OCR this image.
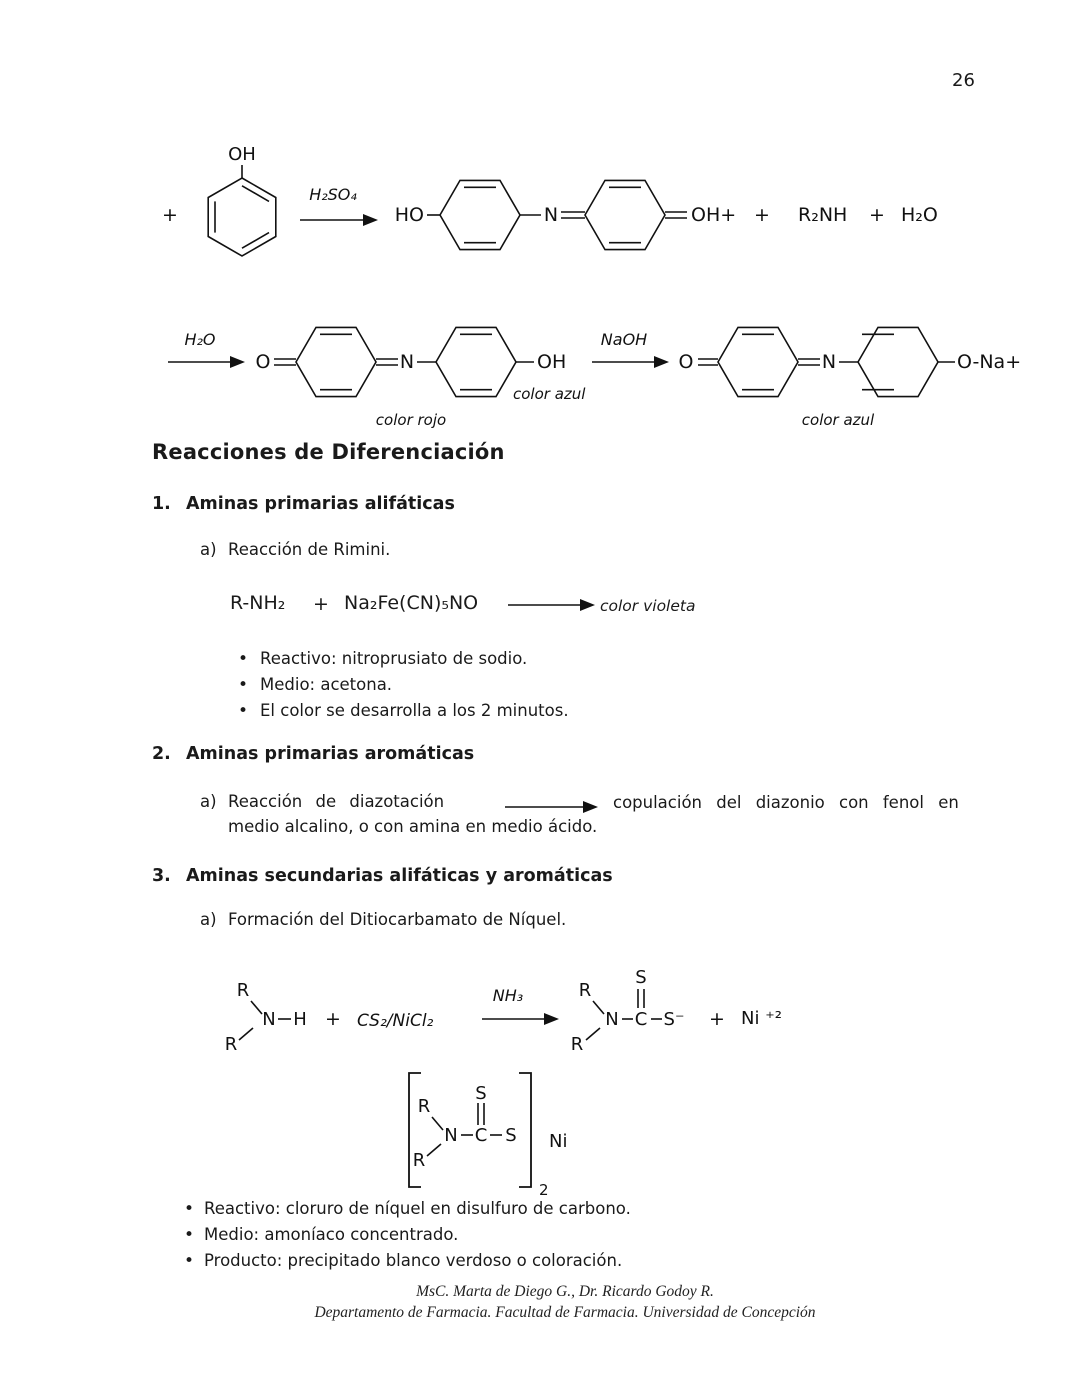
26
+
OH
H₂SO₄
HO	N	OH+ + R₂NH + H₂O
H₂O
O	N	OH
color azul
color rojo
NaOH
O	N	O-Na+
color azul
Reacciones de Diferenciación
1. Aminas primarias alifáticas
a) Reacción de Rimini.
R-NH₂ + Na₂Fe(CN)₅NO	color violeta
• Reactivo: nitroprusiato de sodio.
• Medio: acetona.
• El color se desarrolla a los 2 minutos.
2. Aminas primarias aromáticas
a) Reacción de diazotación	copulación del diazonio con fenol en
medio alcalino, o con amina en medio ácido.
3. Aminas secundarias alifáticas y aromáticas
a) Formación del Ditiocarbamato de Níquel.
R
N H
R
+ CS₂/NiCl₂
NH₃	R
N C
S
S⁻
R
+ Ni ⁺²
R
N C
S
S
R
2
Ni
• Reactivo: cloruro de níquel en disulfuro de carbono.
• Medio: amoníaco concentrado.
• Producto: precipitado blanco verdoso o coloración.
MsC. Marta de Diego G., Dr. Ricardo Godoy R.
Departamento de Farmacia. Facultad de Farmacia. Universidad de Concepción
